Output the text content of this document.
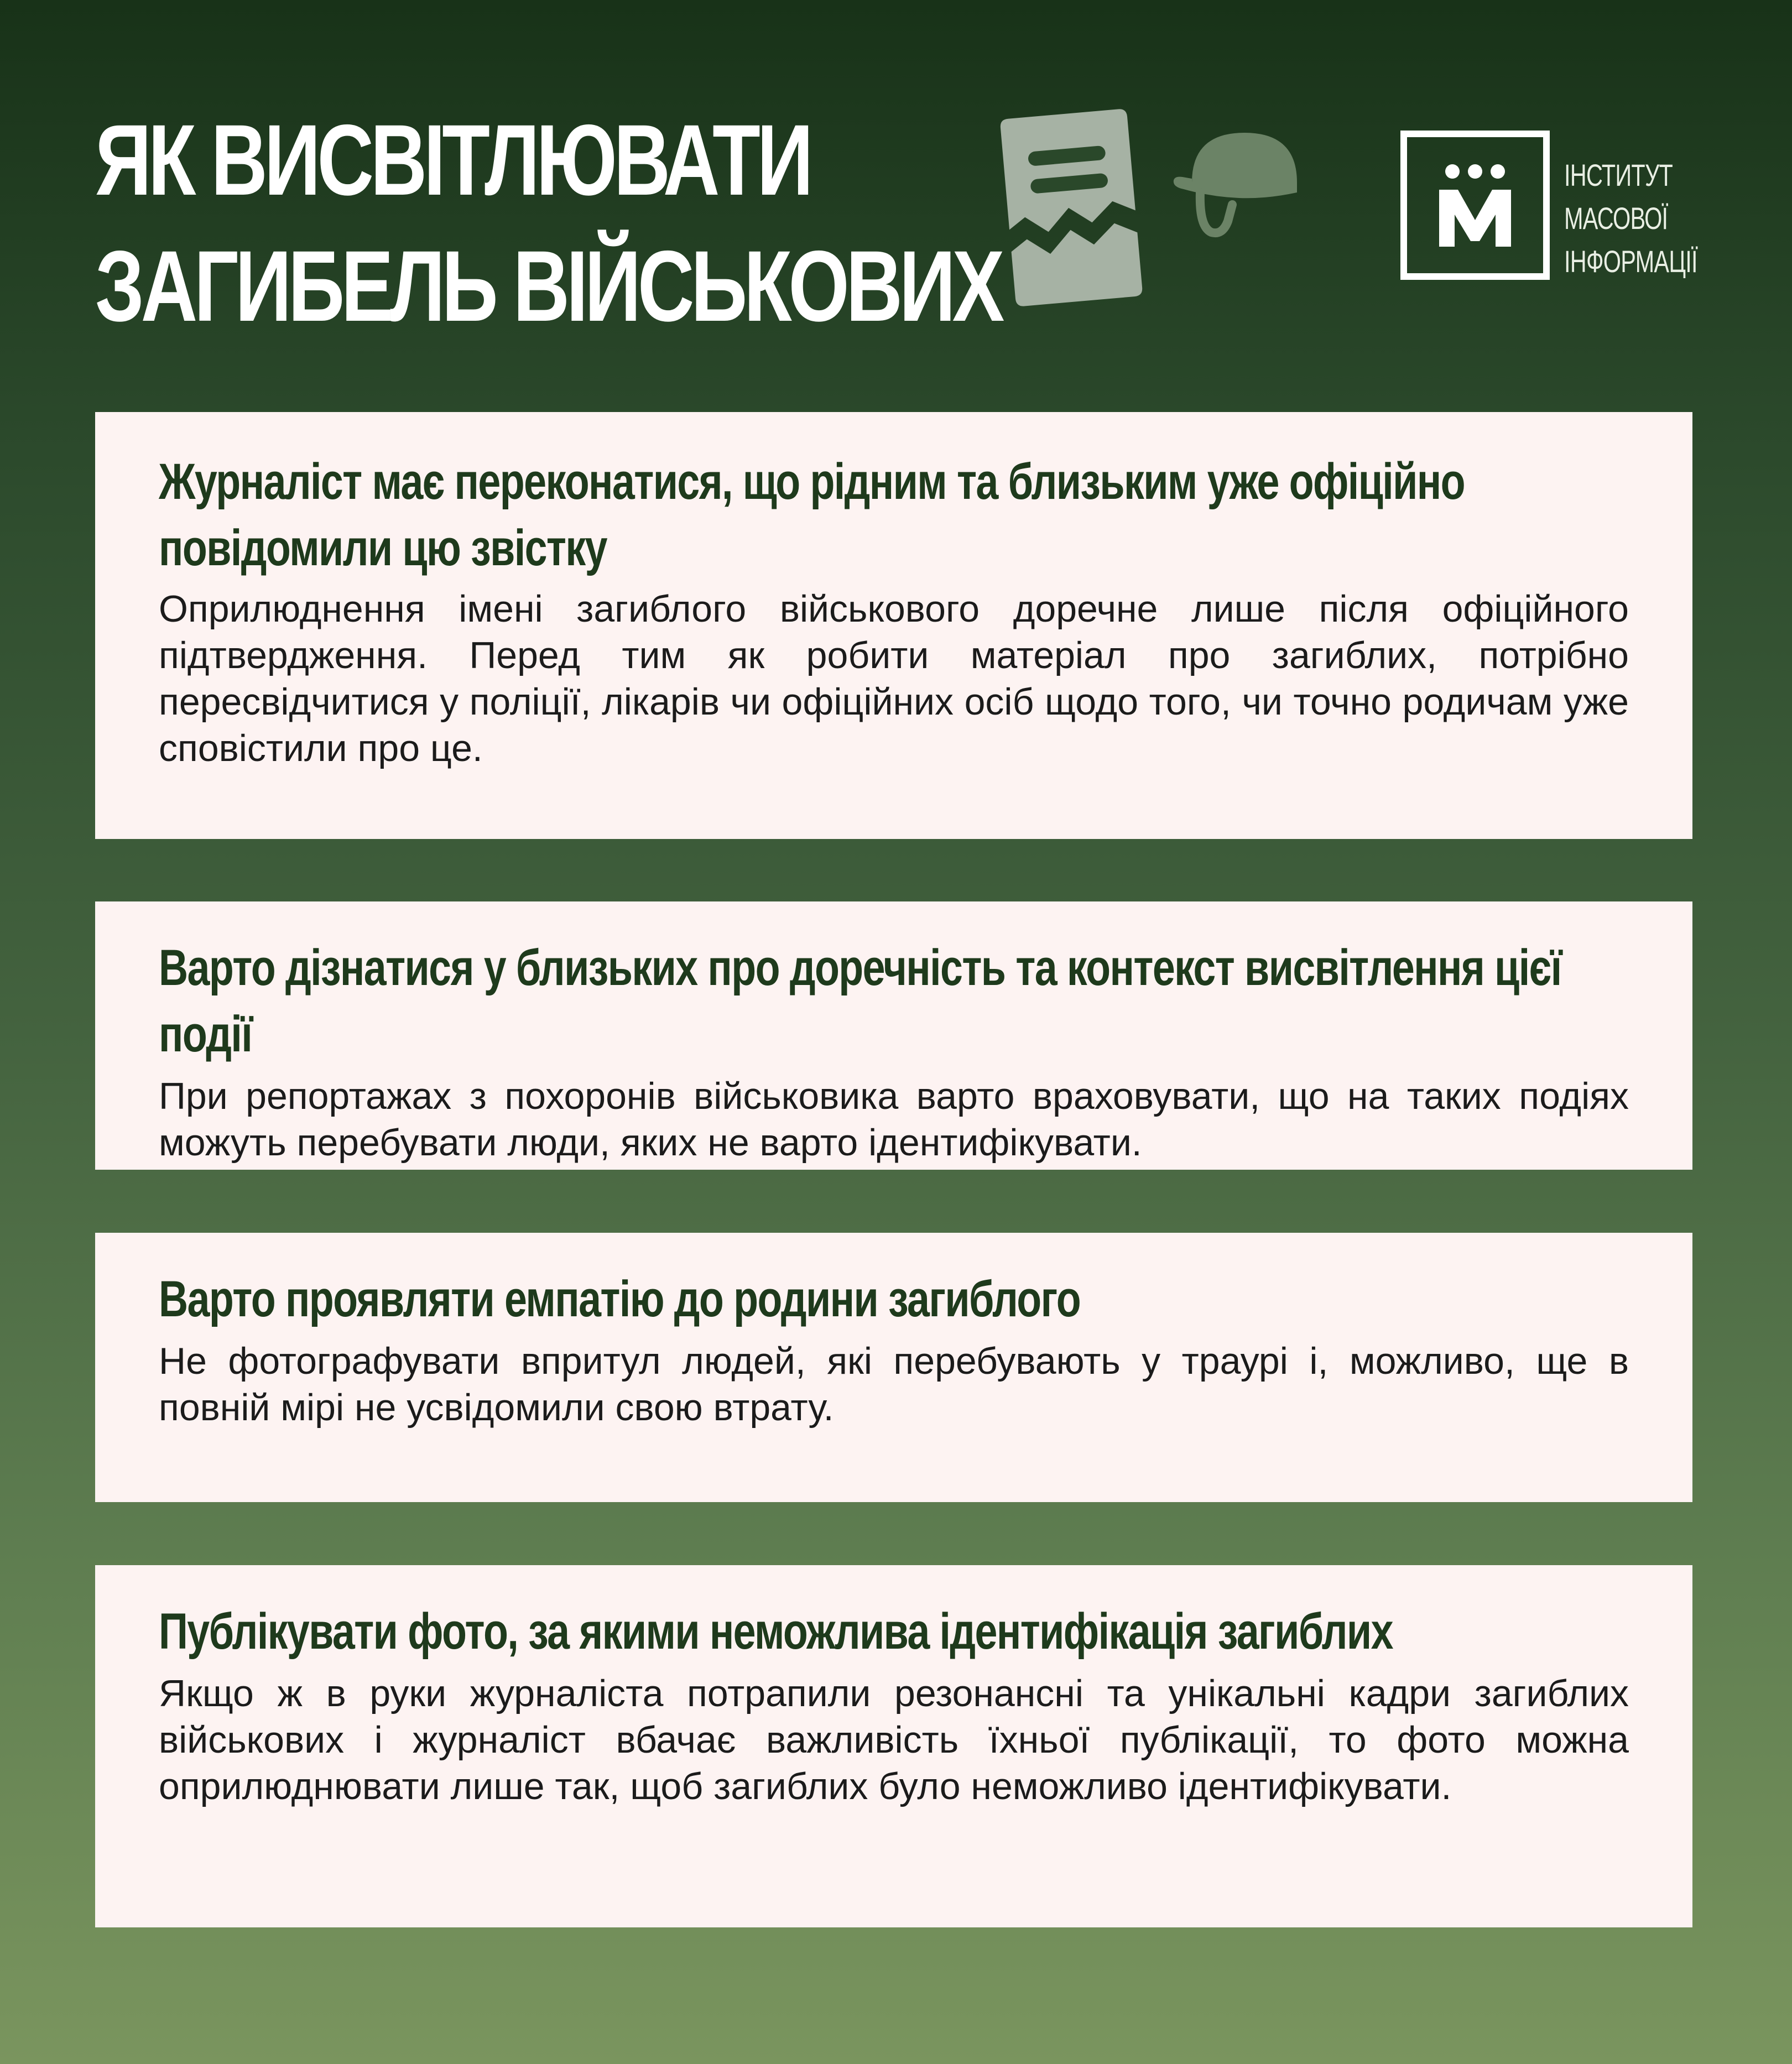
ЯК ВИСВІТЛЮВАТИ
ЗАГИБЕЛЬ ВІЙСЬКОВИХ
ІНСТИТУТ
МАСОВОЇ
ІНФОРМАЦІЇ
Журналіст має переконатися, що рідним та близьким уже офіційно повідомили цю звістку

Оприлюднення імені загиблого військового доречне лише після офіційного підтвердження. Перед тим як робити матеріал про загиблих, потрібно пересвідчитися у поліції, лікарів чи офіційних осіб щодо того, чи точно родичам уже сповістили про це.

Варто дізнатися у близьких про доречність та контекст висвітлення цієї події

При репортажах з похоронів військовика варто враховувати, що на таких подіях можуть перебувати люди, яких не варто ідентифікувати.

Варто проявляти емпатію до родини загиблого

Не фотографувати впритул людей, які перебувають у траурі і, можливо, ще в повній мірі не усвідомили свою втрату.

Публікувати фото, за якими неможлива ідентифікація загиблих

Якщо ж в руки журналіста потрапили резонансні та унікальні кадри загиблих військових і журналіст вбачає важливість їхньої публікації, то фото можна оприлюднювати лише так, щоб загиблих було неможливо ідентифікувати.
